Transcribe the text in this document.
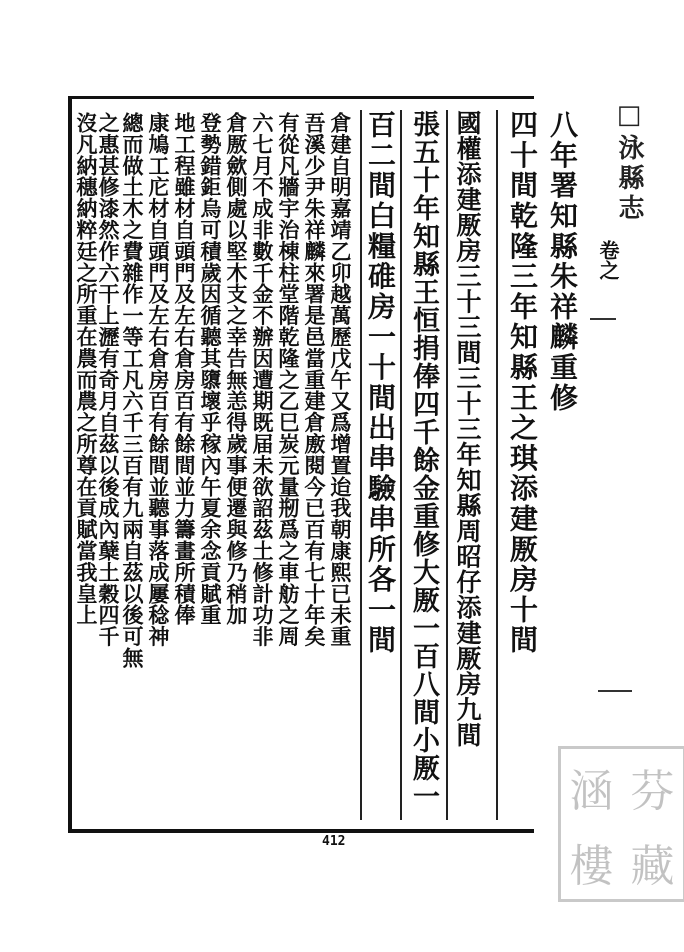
□泳縣志
卷之
八年署知縣朱祥麟重修
四十間乾隆三年知縣王之琪添建厫房十間
國權添建厫房三十三間三十三年知縣周昭仔添建厫房九間
張五十年知縣王恒捐俸四千餘金重修大厫一百八間小厫一
百二間白糧碓房一十間出串驗串所各一間
倉建自明嘉靖乙卯越萬歷戊午又爲增置迨我朝康熙已未重
吾溪少尹朱祥麟來署是邑當重建倉廒閱今已百有七十年矣
有從凡牆宇治棟柱堂階乾隆之乙巳炭元量剏爲之車舫之周
六七月不成非數千金不辦因遭期既届未欲詔茲土修計功非
倉厫歛側處以堅木支之幸告無恙得歲事便遷與修乃稍加
登勢錯鉅烏可積歲因循聽其隳壞乎稼內午夏余念貢賦重
地工程雖材自頭門及左右倉房百有餘間並力籌畫所積俸
康鳩工庀材自頭門及左右倉房百有餘間並聽事落成屢稔神
總而做土木之費雜作一等工凡六千三百有九兩自茲以後可無
之惠甚修漆然作六干上瀝有奇月自茲以後成內蘖土穀四千
沒凡納穗納粹廷之所重在農而農之所尊在貢賦當我皇上
412
涵 芬
樓 藏
